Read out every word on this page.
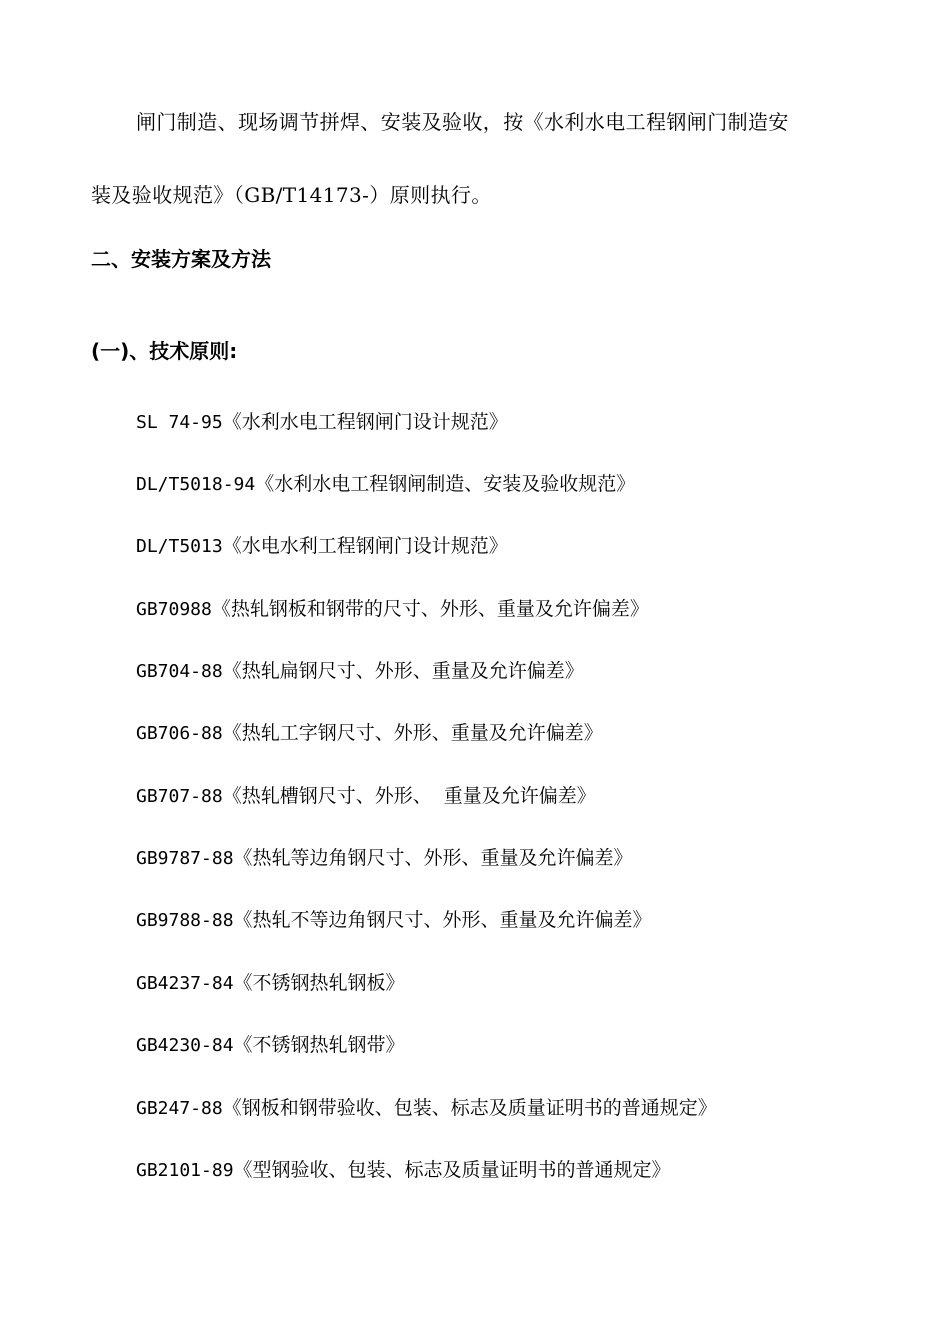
闸门制造、现场调节拼焊、安装及验收，按《水利水电工程钢闸门制造安
装及验收规范》（GB/T14173-）原则执行。
二、安装方案及方法
(一)、技术原则:
SL 74-95《水利水电工程钢闸门设计规范》
DL/T5018-94《水利水电工程钢闸制造、安装及验收规范》
DL/T5013《水电水利工程钢闸门设计规范》
GB70988《热轧钢板和钢带的尺寸、外形、重量及允许偏差》
GB704-88《热轧扁钢尺寸、外形、重量及允许偏差》
GB706-88《热轧工字钢尺寸、外形、重量及允许偏差》
GB707-88《热轧槽钢尺寸、外形、  重量及允许偏差》
GB9787-88《热轧等边角钢尺寸、外形、重量及允许偏差》
GB9788-88《热轧不等边角钢尺寸、外形、重量及允许偏差》
GB4237-84《不锈钢热轧钢板》
GB4230-84《不锈钢热轧钢带》
GB247-88《钢板和钢带验收、包装、标志及质量证明书的普通规定》
GB2101-89《型钢验收、包装、标志及质量证明书的普通规定》
